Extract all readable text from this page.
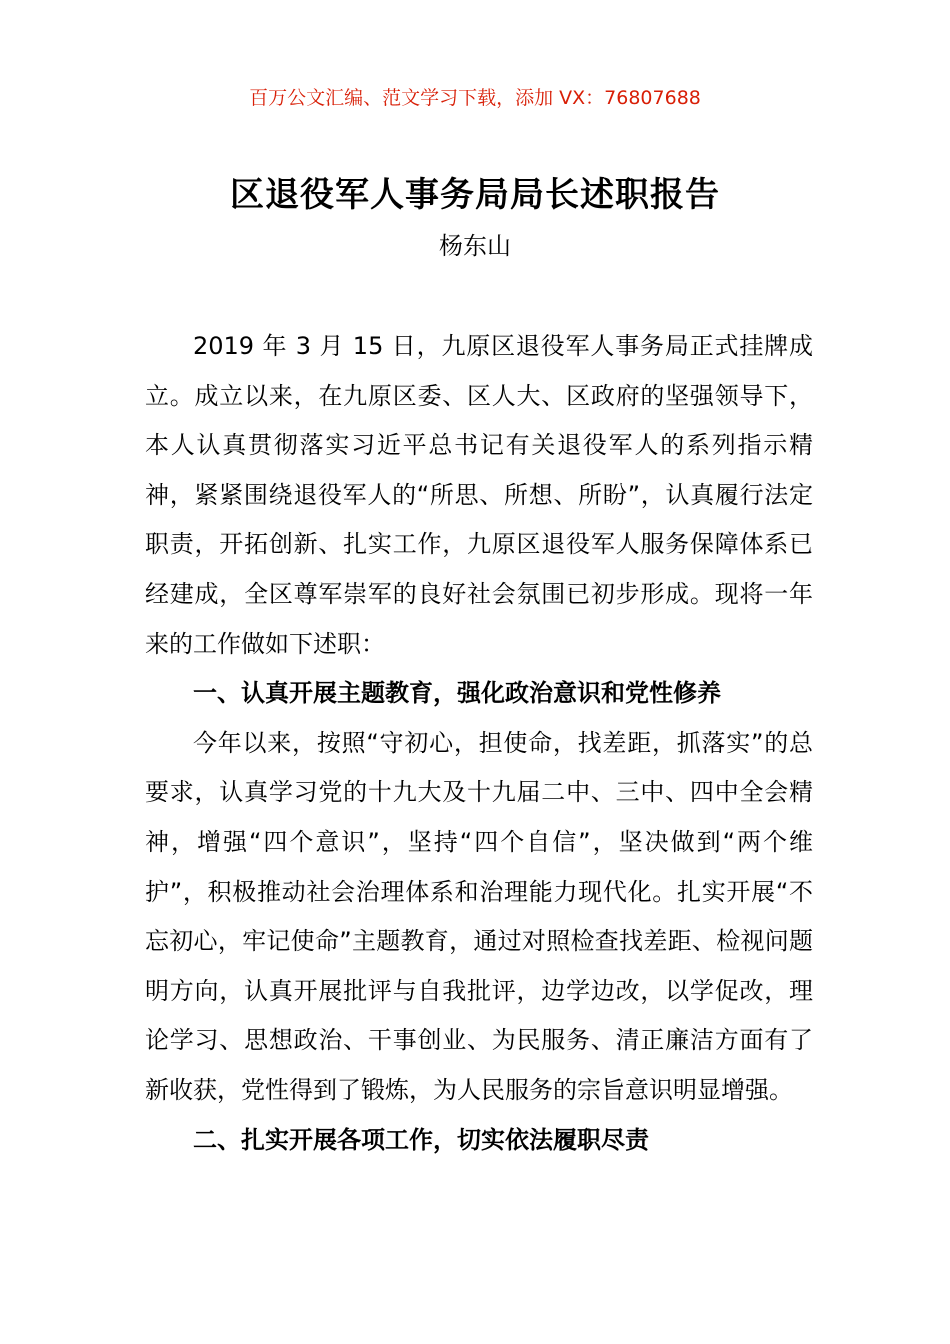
百万公文汇编、范文学习下载，添加 VX：76807688
区退役军人事务局局长述职报告
杨东山

2019 年 3 月 15 日，九原区退役军人事务局正式挂牌成立。成立以来，在九原区委、区人大、区政府的坚强领导下，本人认真贯彻落实习近平总书记有关退役军人的系列指示精神，紧紧围绕退役军人的“所思、所想、所盼”，认真履行法定职责，开拓创新、扎实工作，九原区退役军人服务保障体系已经建成，全区尊军崇军的良好社会氛围已初步形成。现将一年来的工作做如下述职：

一、认真开展主题教育，强化政治意识和党性修养

今年以来，按照“守初心，担使命，找差距，抓落实”的总要求，认真学习党的十九大及十九届二中、三中、四中全会精神，增强“四个意识”，坚持“四个自信”，坚决做到“两个维护”，积极推动社会治理体系和治理能力现代化。扎实开展“不忘初心，牢记使命”主题教育，通过对照检查找差距、检视问题明方向，认真开展批评与自我批评，边学边改，以学促改，理论学习、思想政治、干事创业、为民服务、清正廉洁方面有了新收获，党性得到了锻炼，为人民服务的宗旨意识明显增强。

二、扎实开展各项工作，切实依法履职尽责
